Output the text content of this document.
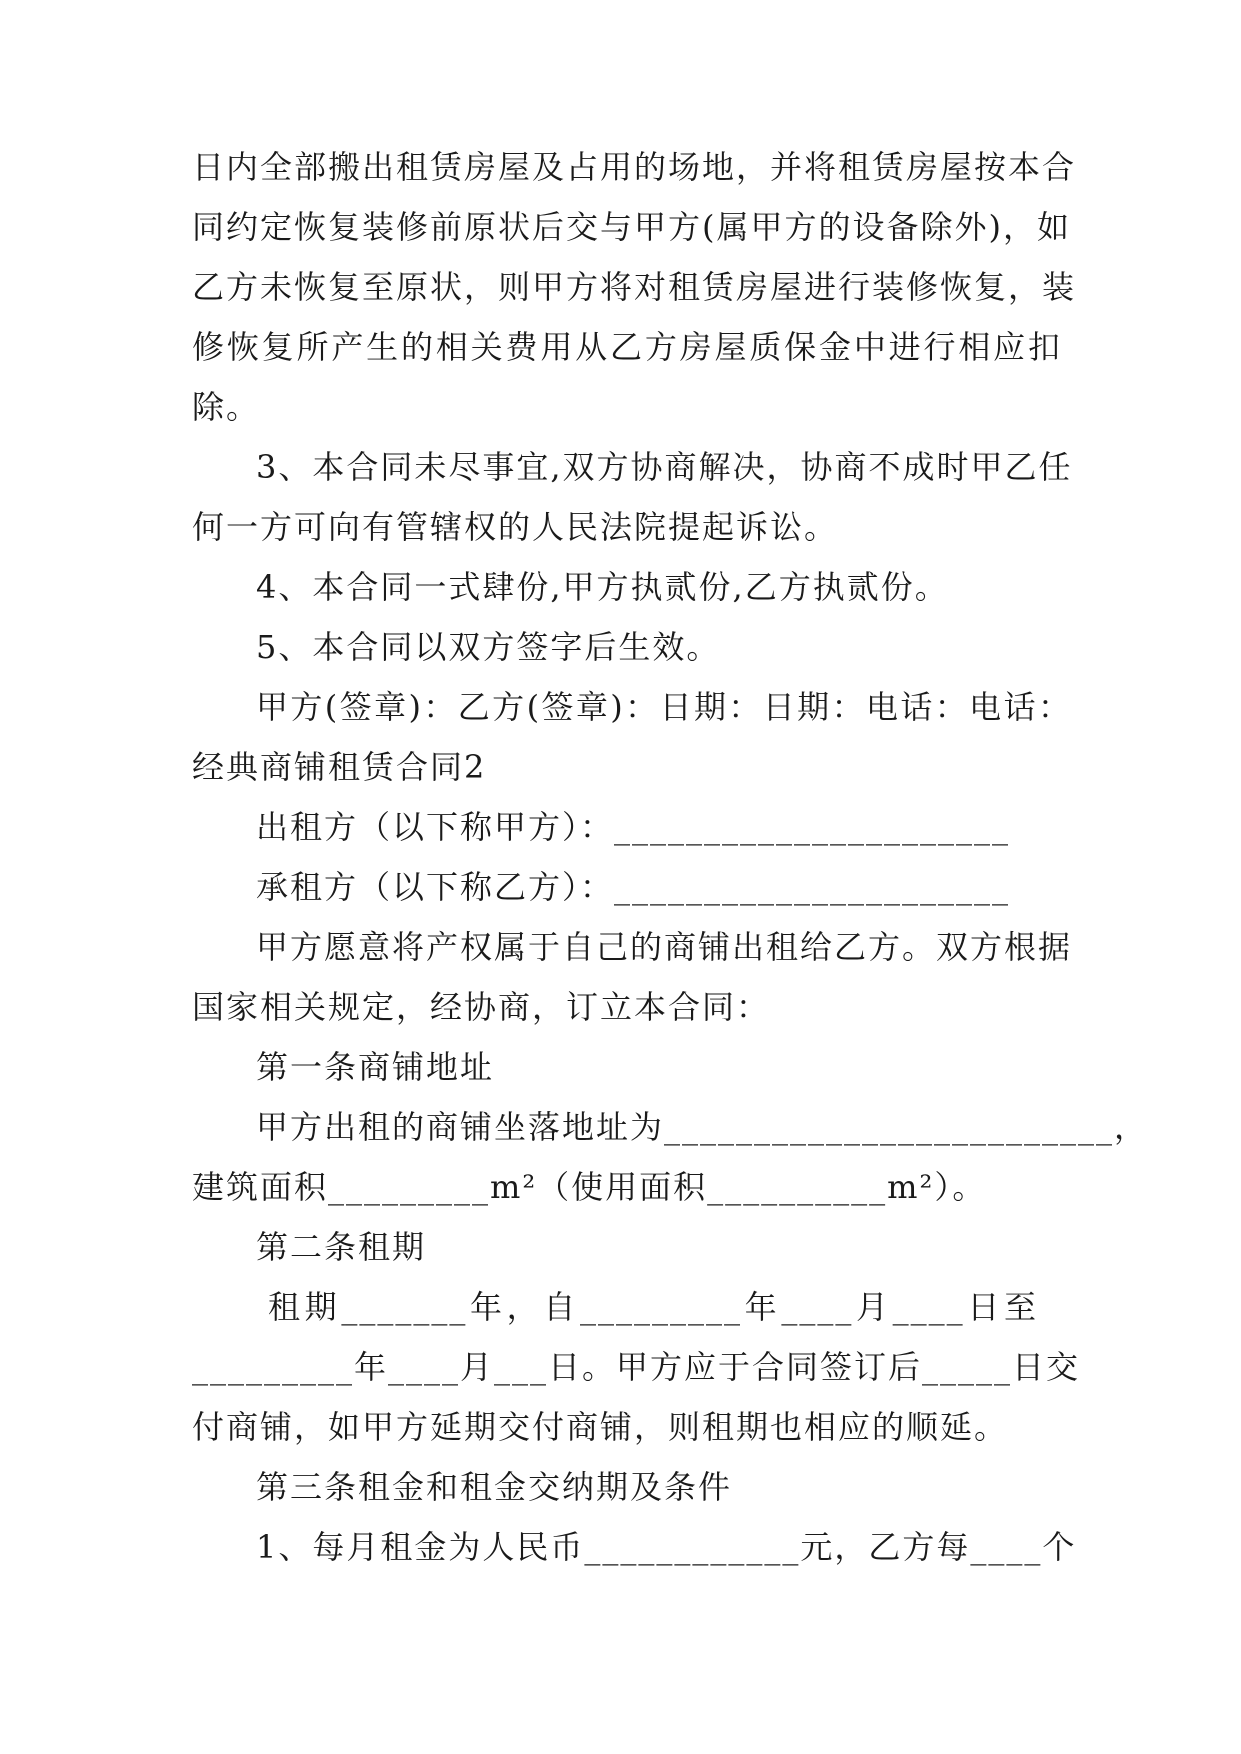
日内全部搬出租赁房屋及占用的场地，并将租赁房屋按本合
同约定恢复装修前原状后交与甲方(属甲方的设备除外)，如
乙方未恢复至原状，则甲方将对租赁房屋进行装修恢复，装
修恢复所产生的相关费用从乙方房屋质保金中进行相应扣
除。
3、本合同未尽事宜,双方协商解决，协商不成时甲乙任
何一方可向有管辖权的人民法院提起诉讼。
4、本合同一式肆份,甲方执贰份,乙方执贰份。
5、本合同以双方签字后生效。
甲方(签章)：乙方(签章)：日期：日期：电话：电话：
经典商铺租赁合同2
出租方（以下称甲方）：______________________
承租方（以下称乙方）：______________________
甲方愿意将产权属于自己的商铺出租给乙方。双方根据
国家相关规定，经协商，订立本合同：
第一条商铺地址
甲方出租的商铺坐落地址为_________________________，
建筑面积_________m²（使用面积__________m²）。
第二条租期
租期_______年，自_________年____月____日至
_________年____月___日。甲方应于合同签订后_____日交
付商铺，如甲方延期交付商铺，则租期也相应的顺延。
第三条租金和租金交纳期及条件
1、每月租金为人民币____________元，乙方每____个
